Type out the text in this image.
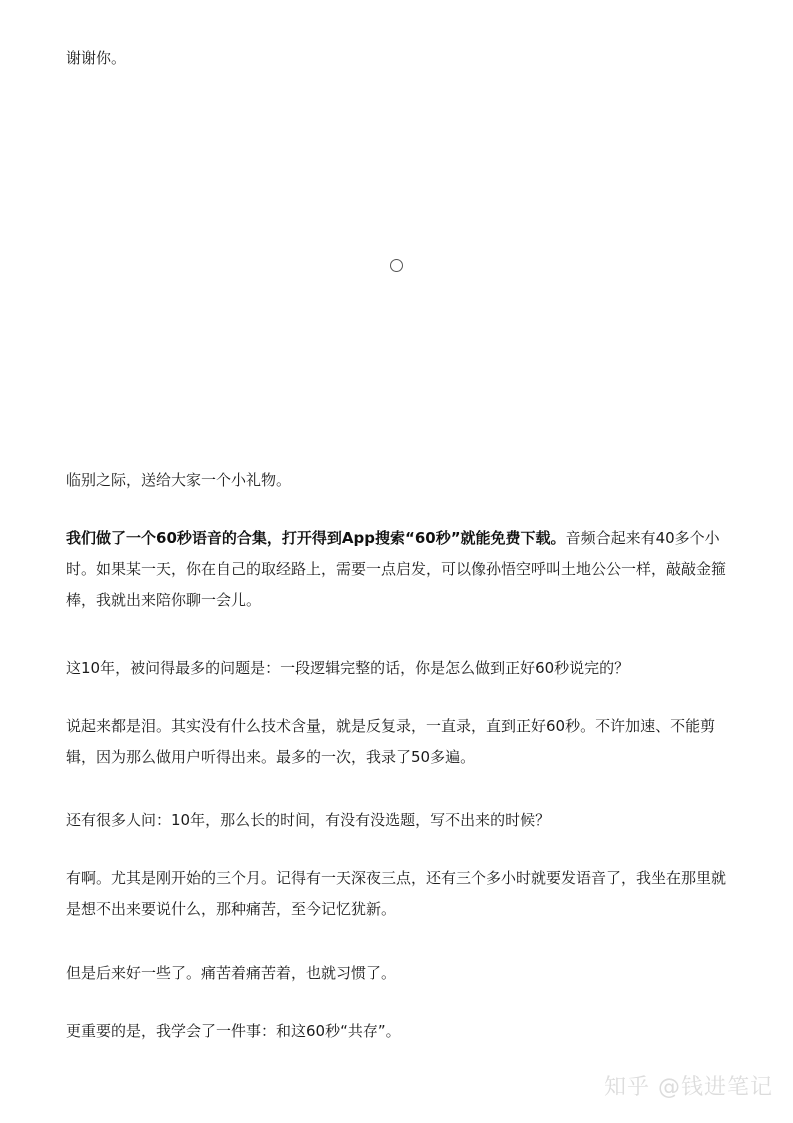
谢谢你。

临别之际，送给大家一个小礼物。

我们做了一个60秒语音的合集，打开得到App搜索“60秒”就能免费下载。音频合起来有40多个小时。如果某一天，你在自己的取经路上，需要一点启发，可以像孙悟空呼叫土地公公一样，敲敲金箍棒，我就出来陪你聊一会儿。

这10年，被问得最多的问题是：一段逻辑完整的话，你是怎么做到正好60秒说完的？

说起来都是泪。其实没有什么技术含量，就是反复录，一直录，直到正好60秒。不许加速、不能剪辑，因为那么做用户听得出来。最多的一次，我录了50多遍。

还有很多人问：10年，那么长的时间，有没有没选题，写不出来的时候？

有啊。尤其是刚开始的三个月。记得有一天深夜三点，还有三个多小时就要发语音了，我坐在那里就是想不出来要说什么，那种痛苦，至今记忆犹新。

但是后来好一些了。痛苦着痛苦着，也就习惯了。

更重要的是，我学会了一件事：和这60秒“共存”。

知乎 @钱进笔记
